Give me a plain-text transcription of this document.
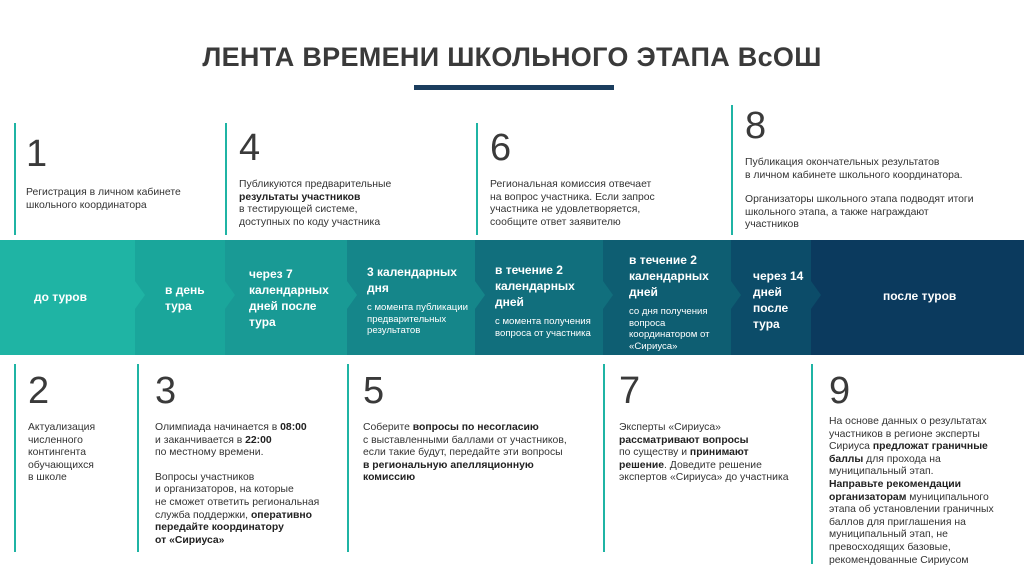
ЛЕНТА ВРЕМЕНИ ШКОЛЬНОГО ЭТАПА ВсОШ
1
Регистрация в личном кабинете
школьного координатора
4
Публикуются предварительные
результаты участников
в тестирующей системе,
доступных по коду участника
6
Региональная комиссия отвечает
на вопрос участника. Если запрос
участника не удовлетворяется,
сообщите ответ заявителю
8
Публикация окончательных результатов
в личном кабинете школьного координатора.
Организаторы школьного этапа подводят итоги
школьного этапа, а также награждают
участников
до туров	в день тура
через 7 календарных дней после тура
3 календарных дня
с момента публикации предварительных результатов
в течение 2 календарных дней
с момента получения вопроса от участника
в течение 2 календарных дней
со дня получения вопроса координатором от «Сириуса»
через 14 дней после тура
после туров
2
Актуализация
численного
контингента
обучающихся
в школе
3
Олимпиада начинается в 08:00
и заканчивается в 22:00
по местному времени.
Вопросы участников
и организаторов, на которые
не сможет ответить региональная
служба поддержки, оперативно
передайте координатору
от «Сириуса»
5
Соберите вопросы по несогласию
с выставленными баллами от участников,
если такие будут, передайте эти вопросы
в региональную апелляционную
комиссию
7
Эксперты «Сириуса»
рассматривают вопросы
по существу и принимают
решение. Доведите решение
экспертов «Сириуса» до участника
9
На основе данных о результатах
участников в регионе эксперты
Сириуса предложат граничные
баллы для прохода на
муниципальный этап.
Направьте рекомендации
организаторам муниципального
этапа об установлении граничных
баллов для приглашения на
муниципальный этап, не
превосходящих базовые,
рекомендованные Сириусом
